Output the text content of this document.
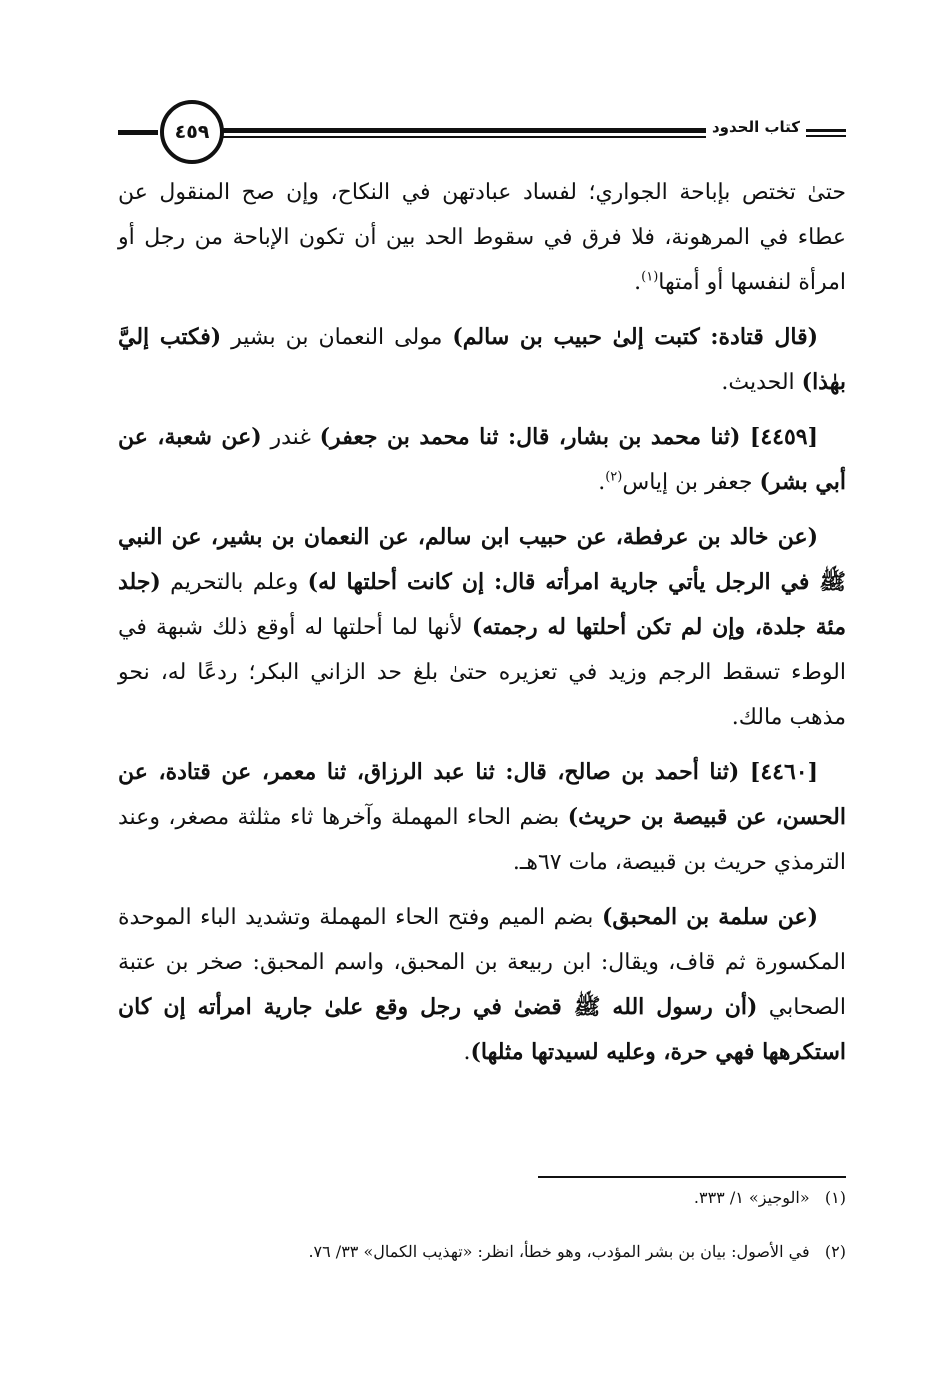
كتاب الحدود
٤٥٩

حتىٰ تختص بإباحة الجواري؛ لفساد عبادتهن في النكاح، وإن صح المنقول عن عطاء في المرهونة، فلا فرق في سقوط الحد بين أن تكون الإباحة من رجل أو امرأة لنفسها أو أمتها$^{(١)}$.

(قال قتادة: كتبت إلىٰ حبيب بن سالم) مولى النعمان بن بشير (فكتب إليَّ بهٰذا) الحديث.

[٤٤٥٩] (ثنا محمد بن بشار، قال: ثنا محمد بن جعفر) غندر (عن شعبة، عن أبي بشر) جعفر بن إياس$^{(٢)}$.

(عن خالد بن عرفطة، عن حبيب ابن سالم، عن النعمان بن بشير، عن النبي ﷺ في الرجل يأتي جارية امرأته قال: إن كانت أحلتها له) وعلم بالتحريم (جلد مئة جلدة، وإن لم تكن أحلتها له رجمته) لأنها لما أحلتها له أوقع ذلك شبهة في الوطء تسقط الرجم وزيد في تعزيره حتىٰ بلغ حد الزاني البكر؛ ردعًا له، نحو مذهب مالك.

[٤٤٦٠] (ثنا أحمد بن صالح، قال: ثنا عبد الرزاق، ثنا معمر، عن قتادة، عن الحسن، عن قبيصة بن حريث) بضم الحاء المهملة وآخرها ثاء مثلثة مصغر، وعند الترمذي حريث بن قبيصة، مات ٦٧هـ.

(عن سلمة بن المحبق) بضم الميم وفتح الحاء المهملة وتشديد الباء الموحدة المكسورة ثم قاف، ويقال: ابن ربيعة بن المحبق، واسم المحبق: صخر بن عتبة الصحابي (أن رسول الله ﷺ قضىٰ في رجل وقع علىٰ جارية امرأته إن كان استكرهها فهي حرة، وعليه لسيدتها مثلها).

(١)   «الوجيز» ١/ ٣٣٣.

(٢)   في الأصول: بيان بن بشر المؤدب، وهو خطأ، انظر: «تهذيب الكمال» ٣٣/ ٧٦.
